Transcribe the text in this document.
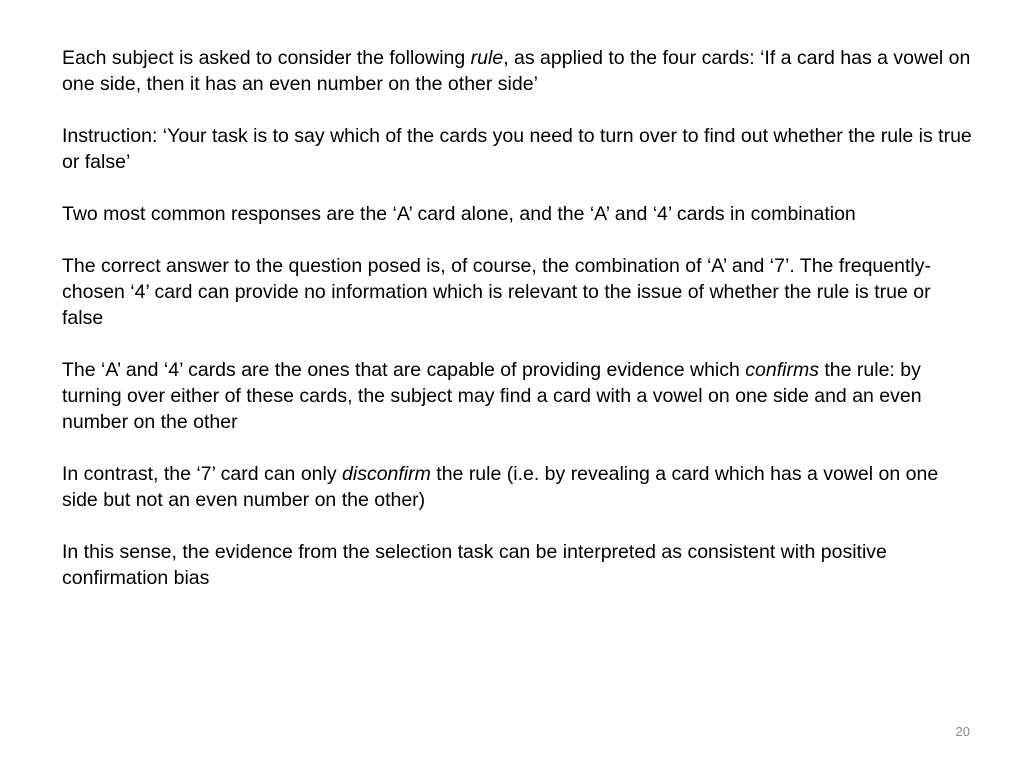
Each subject is asked to consider the following rule, as applied to the four cards: ‘If a card has a vowel on one side, then it has an even number on the other side’

Instruction: ‘Your task is to say which of the cards you need to turn over to find out whether the rule is true or false’

Two most common responses are the ‘A’ card alone, and the ‘A’ and ‘4’ cards in combination

The correct answer to the question posed is, of course, the combination of ‘A’ and ‘7’. The frequently-chosen ‘4’ card can provide no information which is relevant to the issue of whether the rule is true or false

The ‘A’ and ‘4’ cards are the ones that are capable of providing evidence which confirms the rule: by turning over either of these cards, the subject may find a card with a vowel on one side and an even number on the other

In contrast, the ‘7’ card can only disconfirm the rule (i.e. by revealing a card which has a vowel on one side but not an even number on the other)

In this sense, the evidence from the selection task can be interpreted as consistent with positive confirmation bias

20
